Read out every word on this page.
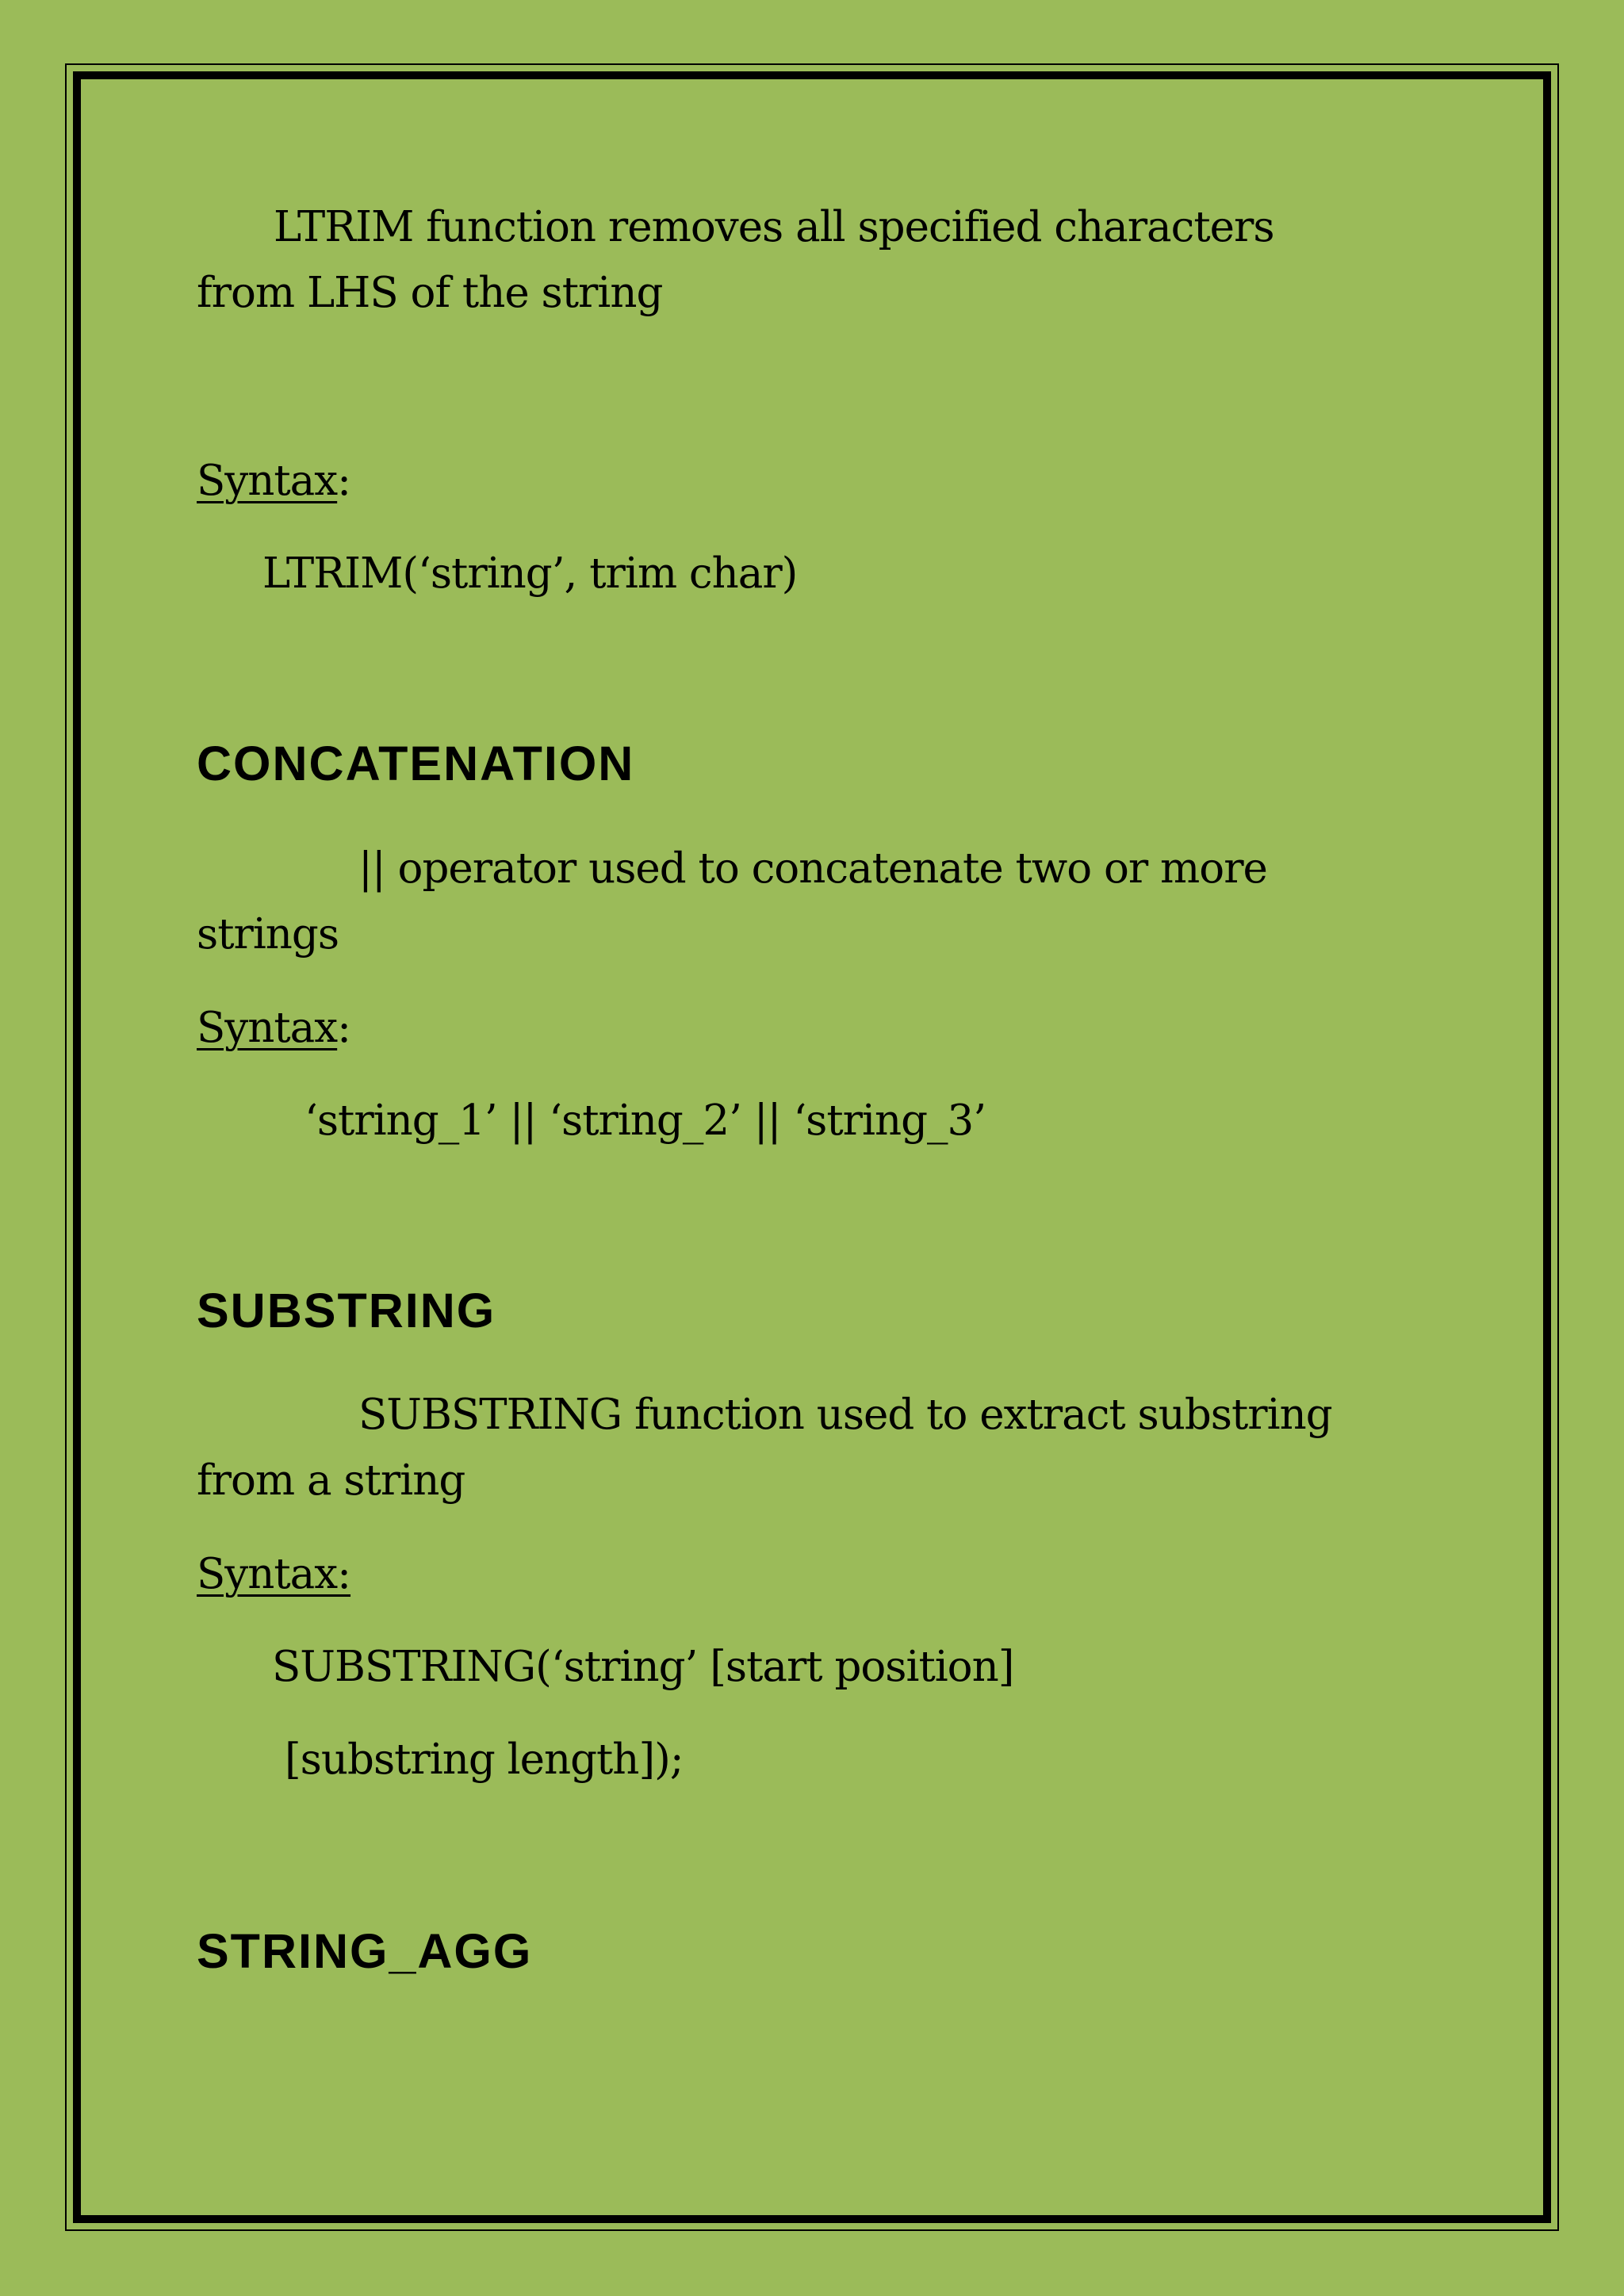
LTRIM function removes all specified characters
from LHS of the string
Syntax:
LTRIM(‘string’, trim char)
CONCATENATION
|| operator used to concatenate two or more
strings
Syntax:
‘string_1’ || ‘string_2’ || ‘string_3’
SUBSTRING
SUBSTRING function used to extract substring
from a string
Syntax:
SUBSTRING(‘string’ [start position]
[substring length]);
STRING_AGG
